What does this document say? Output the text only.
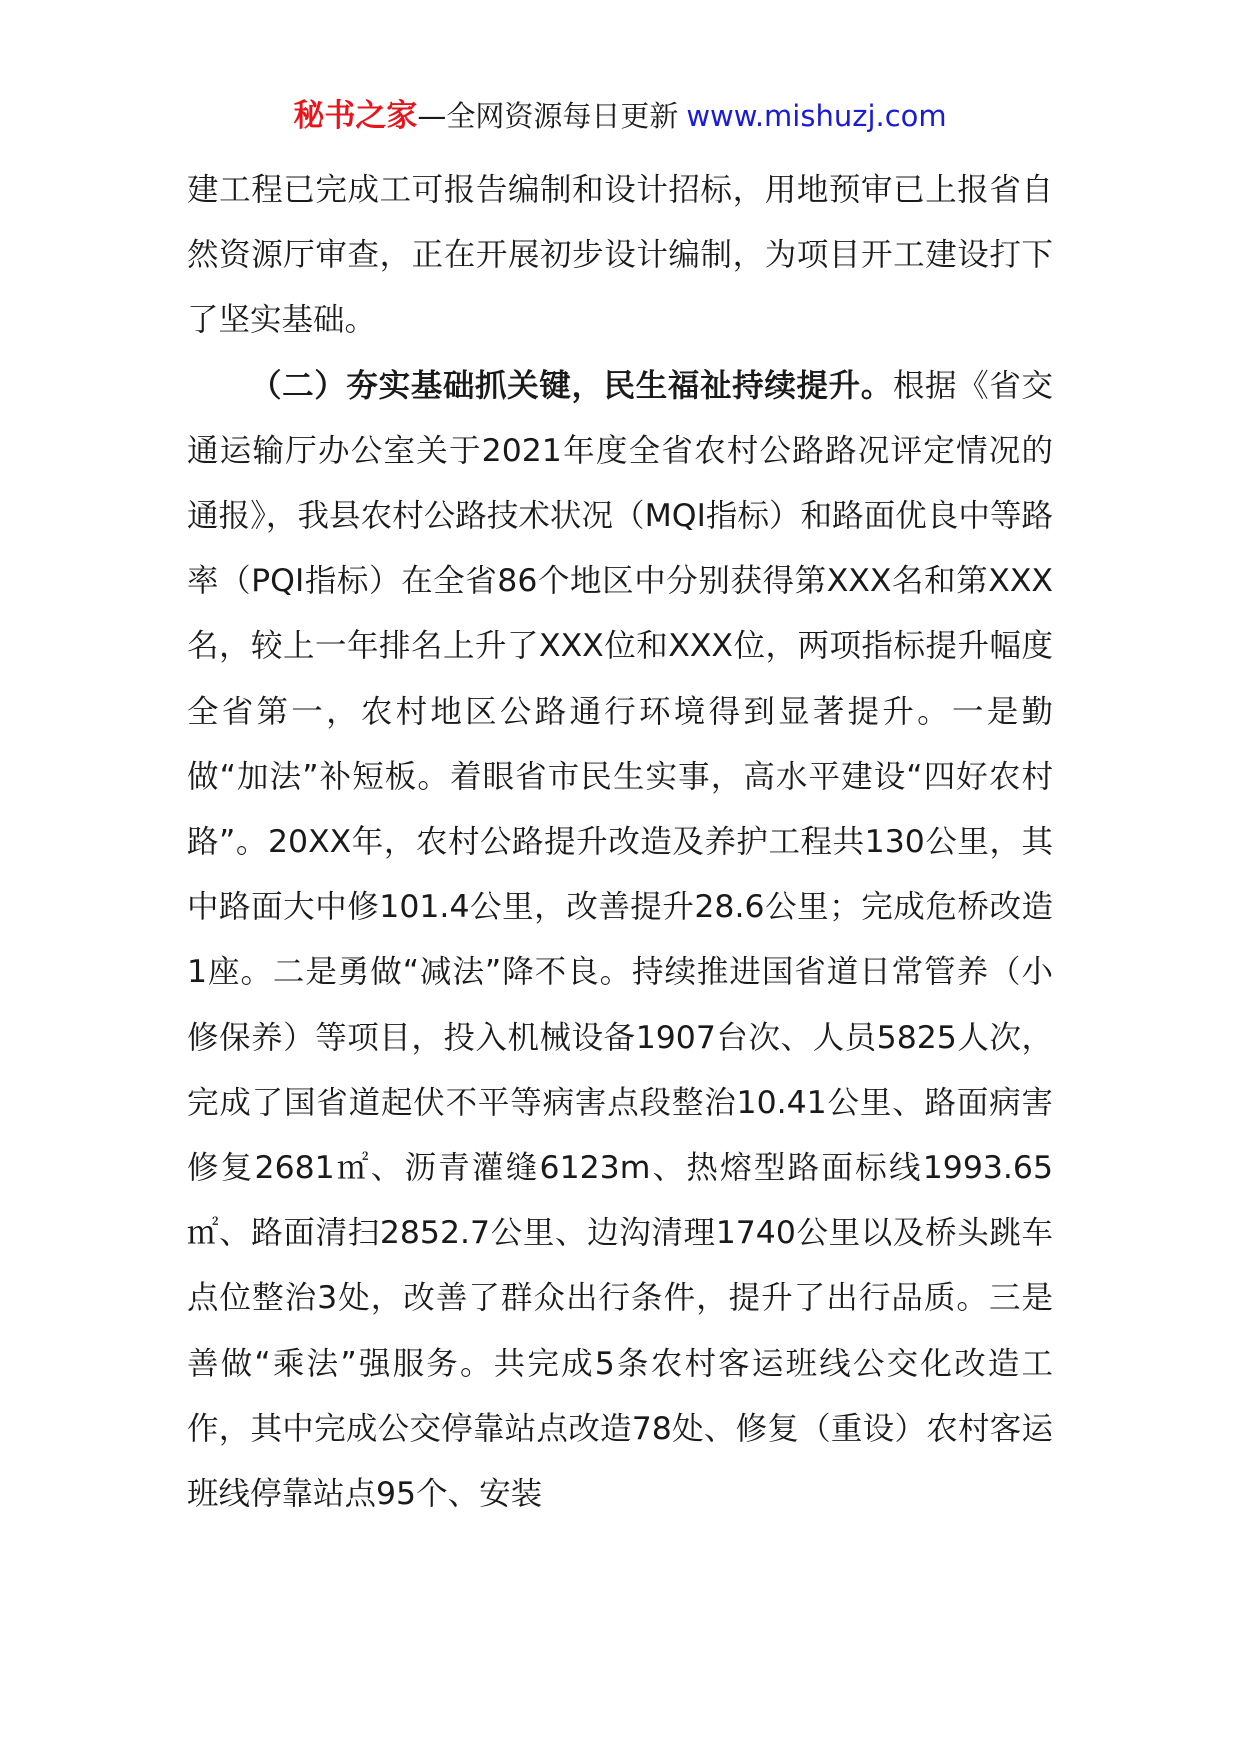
秘书之家—全网资源每日更新 www.mishuzj.com

建工程已完成工可报告编制和设计招标，用地预审已上报省自然资源厅审查，正在开展初步设计编制，为项目开工建设打下了坚实基础。

（二）夯实基础抓关键，民生福祉持续提升。根据《省交通运输厅办公室关于2021年度全省农村公路路况评定情况的通报》，我县农村公路技术状况（MQI指标）和路面优良中等路率（PQI指标）在全省86个地区中分别获得第XXX名和第XXX名，较上一年排名上升了XXX位和XXX位，两项指标提升幅度全省第一，农村地区公路通行环境得到显著提升。一是勤做“加法”补短板。着眼省市民生实事，高水平建设“四好农村路”。20XX年，农村公路提升改造及养护工程共130公里，其中路面大中修101.4公里，改善提升28.6公里；完成危桥改造1座。二是勇做“减法”降不良。持续推进国省道日常管养（小修保养）等项目，投入机械设备1907台次、人员5825人次，完成了国省道起伏不平等病害点段整治10.41公里、路面病害修复2681㎡、沥青灌缝6123m、热熔型路面标线1993.65㎡、路面清扫2852.7公里、边沟清理1740公里以及桥头跳车点位整治3处，改善了群众出行条件，提升了出行品质。三是善做“乘法”强服务。共完成5条农村客运班线公交化改造工作，其中完成公交停靠站点改造78处、修复（重设）农村客运班线停靠站点95个、安装
